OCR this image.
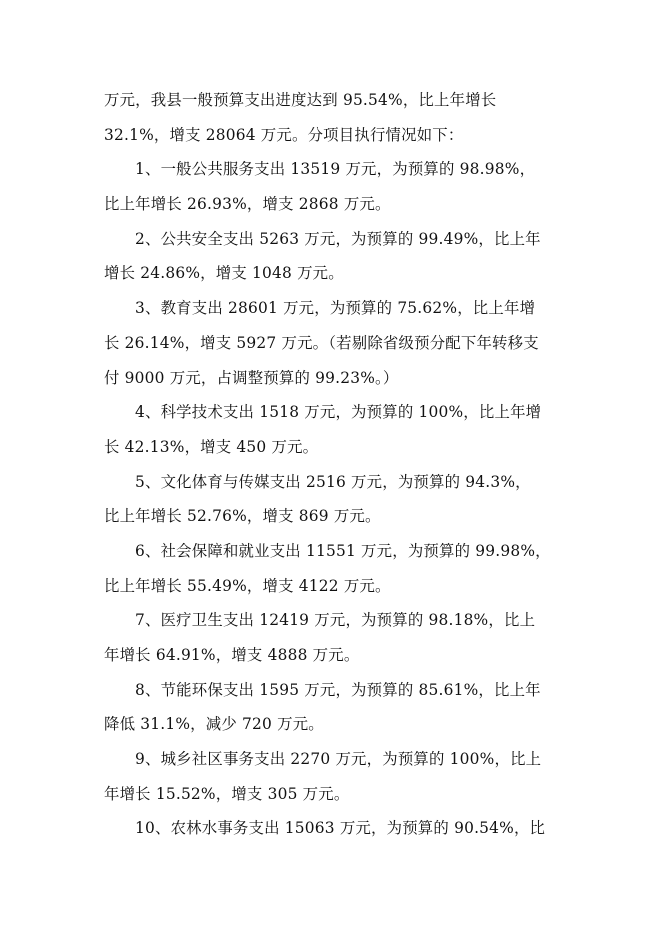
万元，我县一般预算支出进度达到 95.54%，比上年增长
32.1%，增支 28064 万元。分项目执行情况如下：
1、一般公共服务支出 13519 万元，为预算的 98.98%，
比上年增长 26.93%，增支 2868 万元。
2、公共安全支出 5263 万元，为预算的 99.49%，比上年
增长 24.86%，增支 1048 万元。
3、教育支出 28601 万元，为预算的 75.62%，比上年增
长 26.14%，增支 5927 万元。（若剔除省级预分配下年转移支
付 9000 万元，占调整预算的 99.23%。）
4、科学技术支出 1518 万元，为预算的 100%，比上年增
长 42.13%，增支 450 万元。
5、文化体育与传媒支出 2516 万元，为预算的 94.3%，
比上年增长 52.76%，增支 869 万元。
6、社会保障和就业支出 11551 万元，为预算的 99.98%，
比上年增长 55.49%，增支 4122 万元。
7、医疗卫生支出 12419 万元，为预算的 98.18%，比上
年增长 64.91%，增支 4888 万元。
8、节能环保支出 1595 万元，为预算的 85.61%，比上年
降低 31.1%，减少 720 万元。
9、城乡社区事务支出 2270 万元，为预算的 100%，比上
年增长 15.52%，增支 305 万元。
10、农林水事务支出 15063 万元，为预算的 90.54%，比
